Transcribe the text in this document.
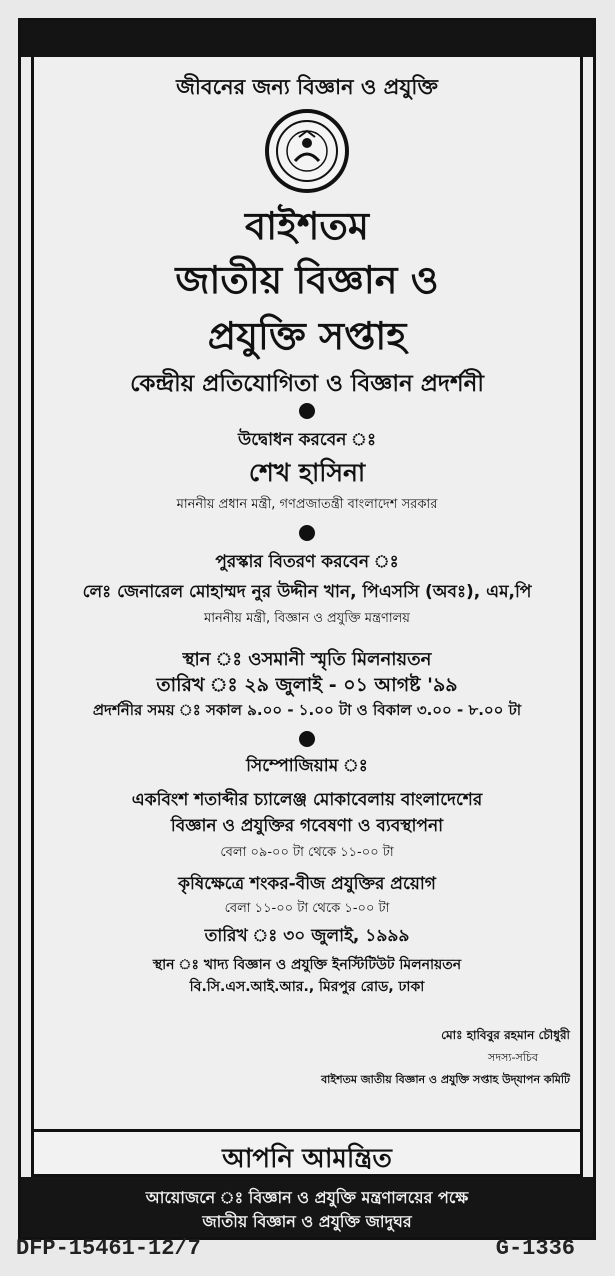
জীবনের জন্য বিজ্ঞান ও প্রযুক্তি
বাইশতম
জাতীয় বিজ্ঞান ও
প্রযুক্তি সপ্তাহ
কেন্দ্রীয় প্রতিযোগিতা ও বিজ্ঞান প্রদর্শনী
উদ্বোধন করবেন ঃ
শেখ হাসিনা
মাননীয় প্রধান মন্ত্রী, গণপ্রজাতন্ত্রী বাংলাদেশ সরকার
পুরস্কার বিতরণ করবেন ঃ
লেঃ জেনারেল মোহাম্মদ নুর উদ্দীন খান, পিএসসি (অবঃ), এম,পি
মাননীয় মন্ত্রী, বিজ্ঞান ও প্রযুক্তি মন্ত্রণালয়
স্থান ঃ ওসমানী স্মৃতি মিলনায়তন
তারিখ ঃ ২৯ জুলাই - ০১ আগষ্ট '৯৯
প্রদর্শনীর সময় ঃ সকাল ৯.০০ - ১.০০ টা ও বিকাল ৩.০০ - ৮.০০ টা
সিম্পোজিয়াম ঃ
একবিংশ শতাব্দীর চ্যালেঞ্জ মোকাবেলায় বাংলাদেশের
বিজ্ঞান ও প্রযুক্তির গবেষণা ও ব্যবস্থাপনা
বেলা ০৯-০০ টা থেকে ১১-০০ টা
কৃষিক্ষেত্রে শংকর-বীজ প্রযুক্তির প্রয়োগ
বেলা ১১-০০ টা থেকে ১-০০ টা
তারিখ ঃ ৩০ জুলাই, ১৯৯৯
স্থান ঃ খাদ্য বিজ্ঞান ও প্রযুক্তি ইনস্টিটিউট মিলনায়তন
বি.সি.এস.আই.আর., মিরপুর রোড, ঢাকা
মোঃ হাবিবুর রহমান চৌধুরী
সদস্য-সচিব
বাইশতম জাতীয় বিজ্ঞান ও প্রযুক্তি সপ্তাহ উদ্‌যাপন কমিটি
আপনি আমন্ত্রিত
আয়োজনে ঃ বিজ্ঞান ও প্রযুক্তি মন্ত্রণালয়ের পক্ষে
জাতীয় বিজ্ঞান ও প্রযুক্তি জাদুঘর
DFP-15461-12/7	G-1336
